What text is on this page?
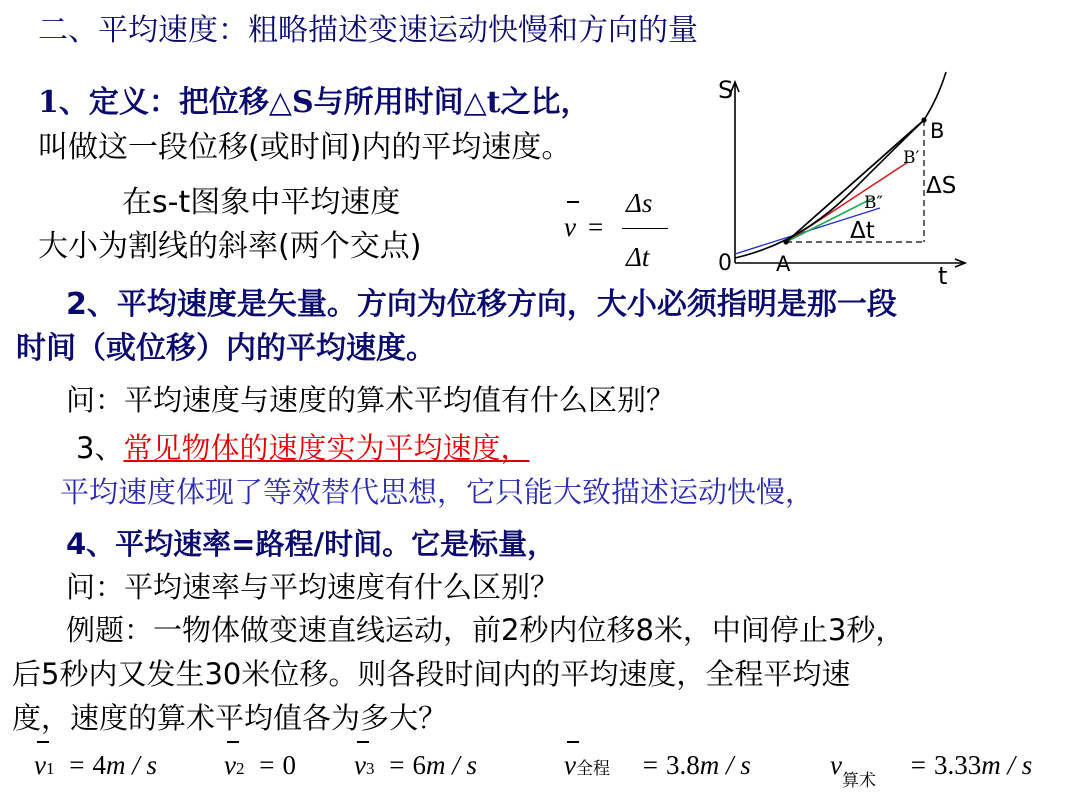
二、平均速度：粗略描述变速运动快慢和方向的量
1、定义：把位移△S与所用时间△t之比，
叫做这一段位移(或时间)内的平均速度。
在s-t图象中平均速度
大小为割线的斜率(两个交点)
v =
Δs
Δt
S
t
0 A
B
B′
B″
ΔS
Δt
2、平均速度是矢量。方向为位移方向，大小必须指明是那一段
时间（或位移）内的平均速度。
问：平均速度与速度的算术平均值有什么区别？
3、常见物体的速度实为平均速度，
平均速度体现了等效替代思想，它只能大致描述运动快慢，
4、平均速率=路程/时间。它是标量，
问：平均速率与平均速度有什么区别？
例题：一物体做变速直线运动，前2秒内位移8米，中间停止3秒，
后5秒内又发生30米位移。则各段时间内的平均速度，全程平均速
度，速度的算术平均值各为多大？
v1 = 4m / s v2 = 0 v3 = 6m / s	v全程 = 3.8m / s	$v_{算术} = 3.33m / s$
